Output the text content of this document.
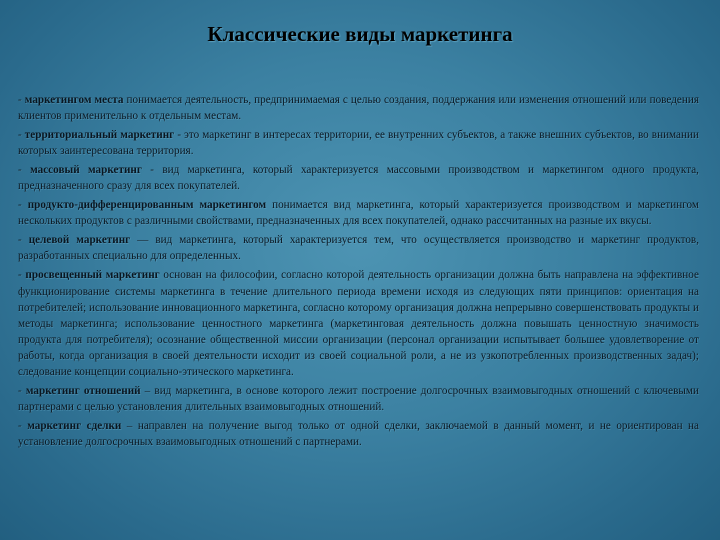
Классические виды маркетинга

- маркетингом места понимается деятельность, предпринимаемая с целью создания, поддержания или изменения отношений или поведения клиентов применительно к отдельным местам.

- территориальный маркетинг - это маркетинг в интересах территории, ее внутренних субъектов, а также внешних субъектов, во внимании которых заинтересована территория.

- массовый маркетинг - вид маркетинга, который характеризуется массовыми производством и маркетингом одного продукта, предназначенного сразу для всех покупателей.

- продукто-дифференцированным маркетингом понимается вид маркетинга, который характеризуется производством и маркетингом нескольких продуктов с различными свойствами, предназначенных для всех покупателей, однако рассчитанных на разные их вкусы.

- целевой маркетинг — вид маркетинга, который характеризуется тем, что осуществляется производство и маркетинг продуктов, разработанных специально для определенных.

- просвещенный маркетинг основан на философии, согласно которой деятельность организации должна быть направлена на эффективное функционирование системы маркетинга в течение длительного периода времени исходя из следующих пяти принципов: ориентация на потребителей; использование инновационного маркетинга, согласно которому организация должна непрерывно совершенствовать продукты и методы маркетинга; использование ценностного маркетинга (маркетинговая деятельность должна повышать ценностную значимость продукта для потребителя); осознание общественной миссии организации (персонал организации испытывает большее удовлетворение от работы, когда организация в своей деятельности исходит из своей социальной роли, а не из узкопотребленных производственных задач); следование концепции социально-этического маркетинга.

- маркетинг отношений – вид маркетинга, в основе которого лежит построение долгосрочных взаимовыгодных отношений с ключевыми партнерами с целью установления длительных взаимовыгодных отношений.

- маркетинг сделки – направлен на получение выгод только от одной сделки, заключаемой в данный момент, и не ориентирован на установление долгосрочных взаимовыгодных отношений с партнерами.
